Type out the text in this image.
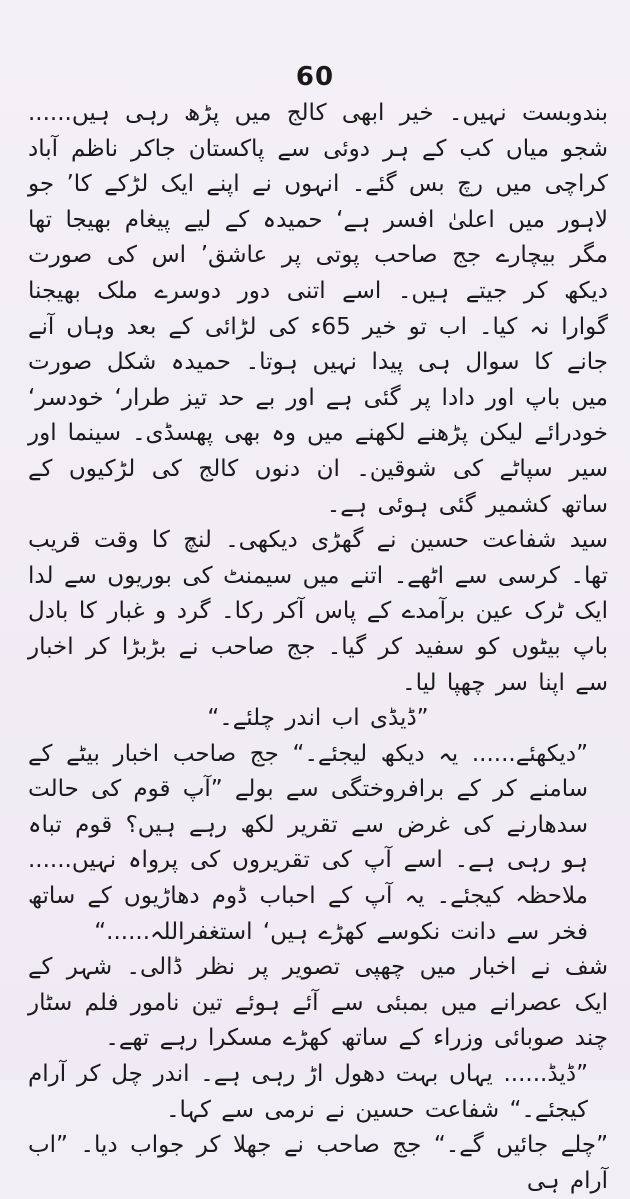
60

بندوبست نہیں۔ خیر ابھی کالج میں پڑھ رہی ہیں...... شجو میاں کب کے ہر دوئی سے پاکستان جاکر ناظم آباد کراچی میں رچ بس گئے۔ انہوں نے اپنے ایک لڑکے کا’ جو لاہور میں اعلیٰ افسر ہے‘ حمیدہ کے لیے پیغام بھیجا تھا مگر بیچارے جج صاحب پوتی پر عاشق’ اس کی صورت دیکھ کر جیتے ہیں۔ اسے اتنی دور دوسرے ملک بھیجنا گوارا نہ کیا۔ اب تو خیر 65ء کی لڑائی کے بعد وہاں آنے جانے کا سوال ہی پیدا نہیں ہوتا۔ حمیدہ شکل صورت میں باپ اور دادا پر گئی ہے اور بے حد تیز طرار‘ خودسر‘ خودرائے لیکن پڑھنے لکھنے میں وہ بھی پھسڈی۔ سینما اور سیر سپاٹے کی شوقین۔ ان دنوں کالج کی لڑکیوں کے ساتھ کشمیر گئی ہوئی ہے۔

سید شفاعت حسین نے گھڑی دیکھی۔ لنچ کا وقت قریب تھا۔ کرسی سے اٹھے۔ اتنے میں سیمنٹ کی بوریوں سے لدا ایک ٹرک عین برآمدے کے پاس آکر رکا۔ گرد و غبار کا بادل باپ بیٹوں کو سفید کر گیا۔ جج صاحب نے بڑبڑا کر اخبار سے اپنا سر چھپا لیا۔

”ڈیڈی اب اندر چلئے۔“

”دیکھئے...... یہ دیکھ لیجئے۔“ جج صاحب اخبار بیٹے کے سامنے کر کے برافروختگی سے بولے ”آپ قوم کی حالت سدھارنے کی غرض سے تقریر لکھ رہے ہیں؟ قوم تباہ ہو رہی ہے۔ اسے آپ کی تقریروں کی پرواہ نہیں...... ملاحظہ کیجئے۔ یہ آپ کے احباب ڈوم دھاڑیوں کے ساتھ فخر سے دانت نکوسے کھڑے ہیں‘ استغفراللہ......“

شف نے اخبار میں چھپی تصویر پر نظر ڈالی۔ شہر کے ایک عصرانے میں بمبئی سے آئے ہوئے تین نامور فلم سٹار چند صوبائی وزراء کے ساتھ کھڑے مسکرا رہے تھے۔

”ڈیڈ...... یہاں بہت دھول اڑ رہی ہے۔ اندر چل کر آرام کیجئے۔“ شفاعت حسین نے نرمی سے کہا۔

”چلے جائیں گے۔“ جج صاحب نے جھلا کر جواب دیا۔ ”اب آرام ہی
